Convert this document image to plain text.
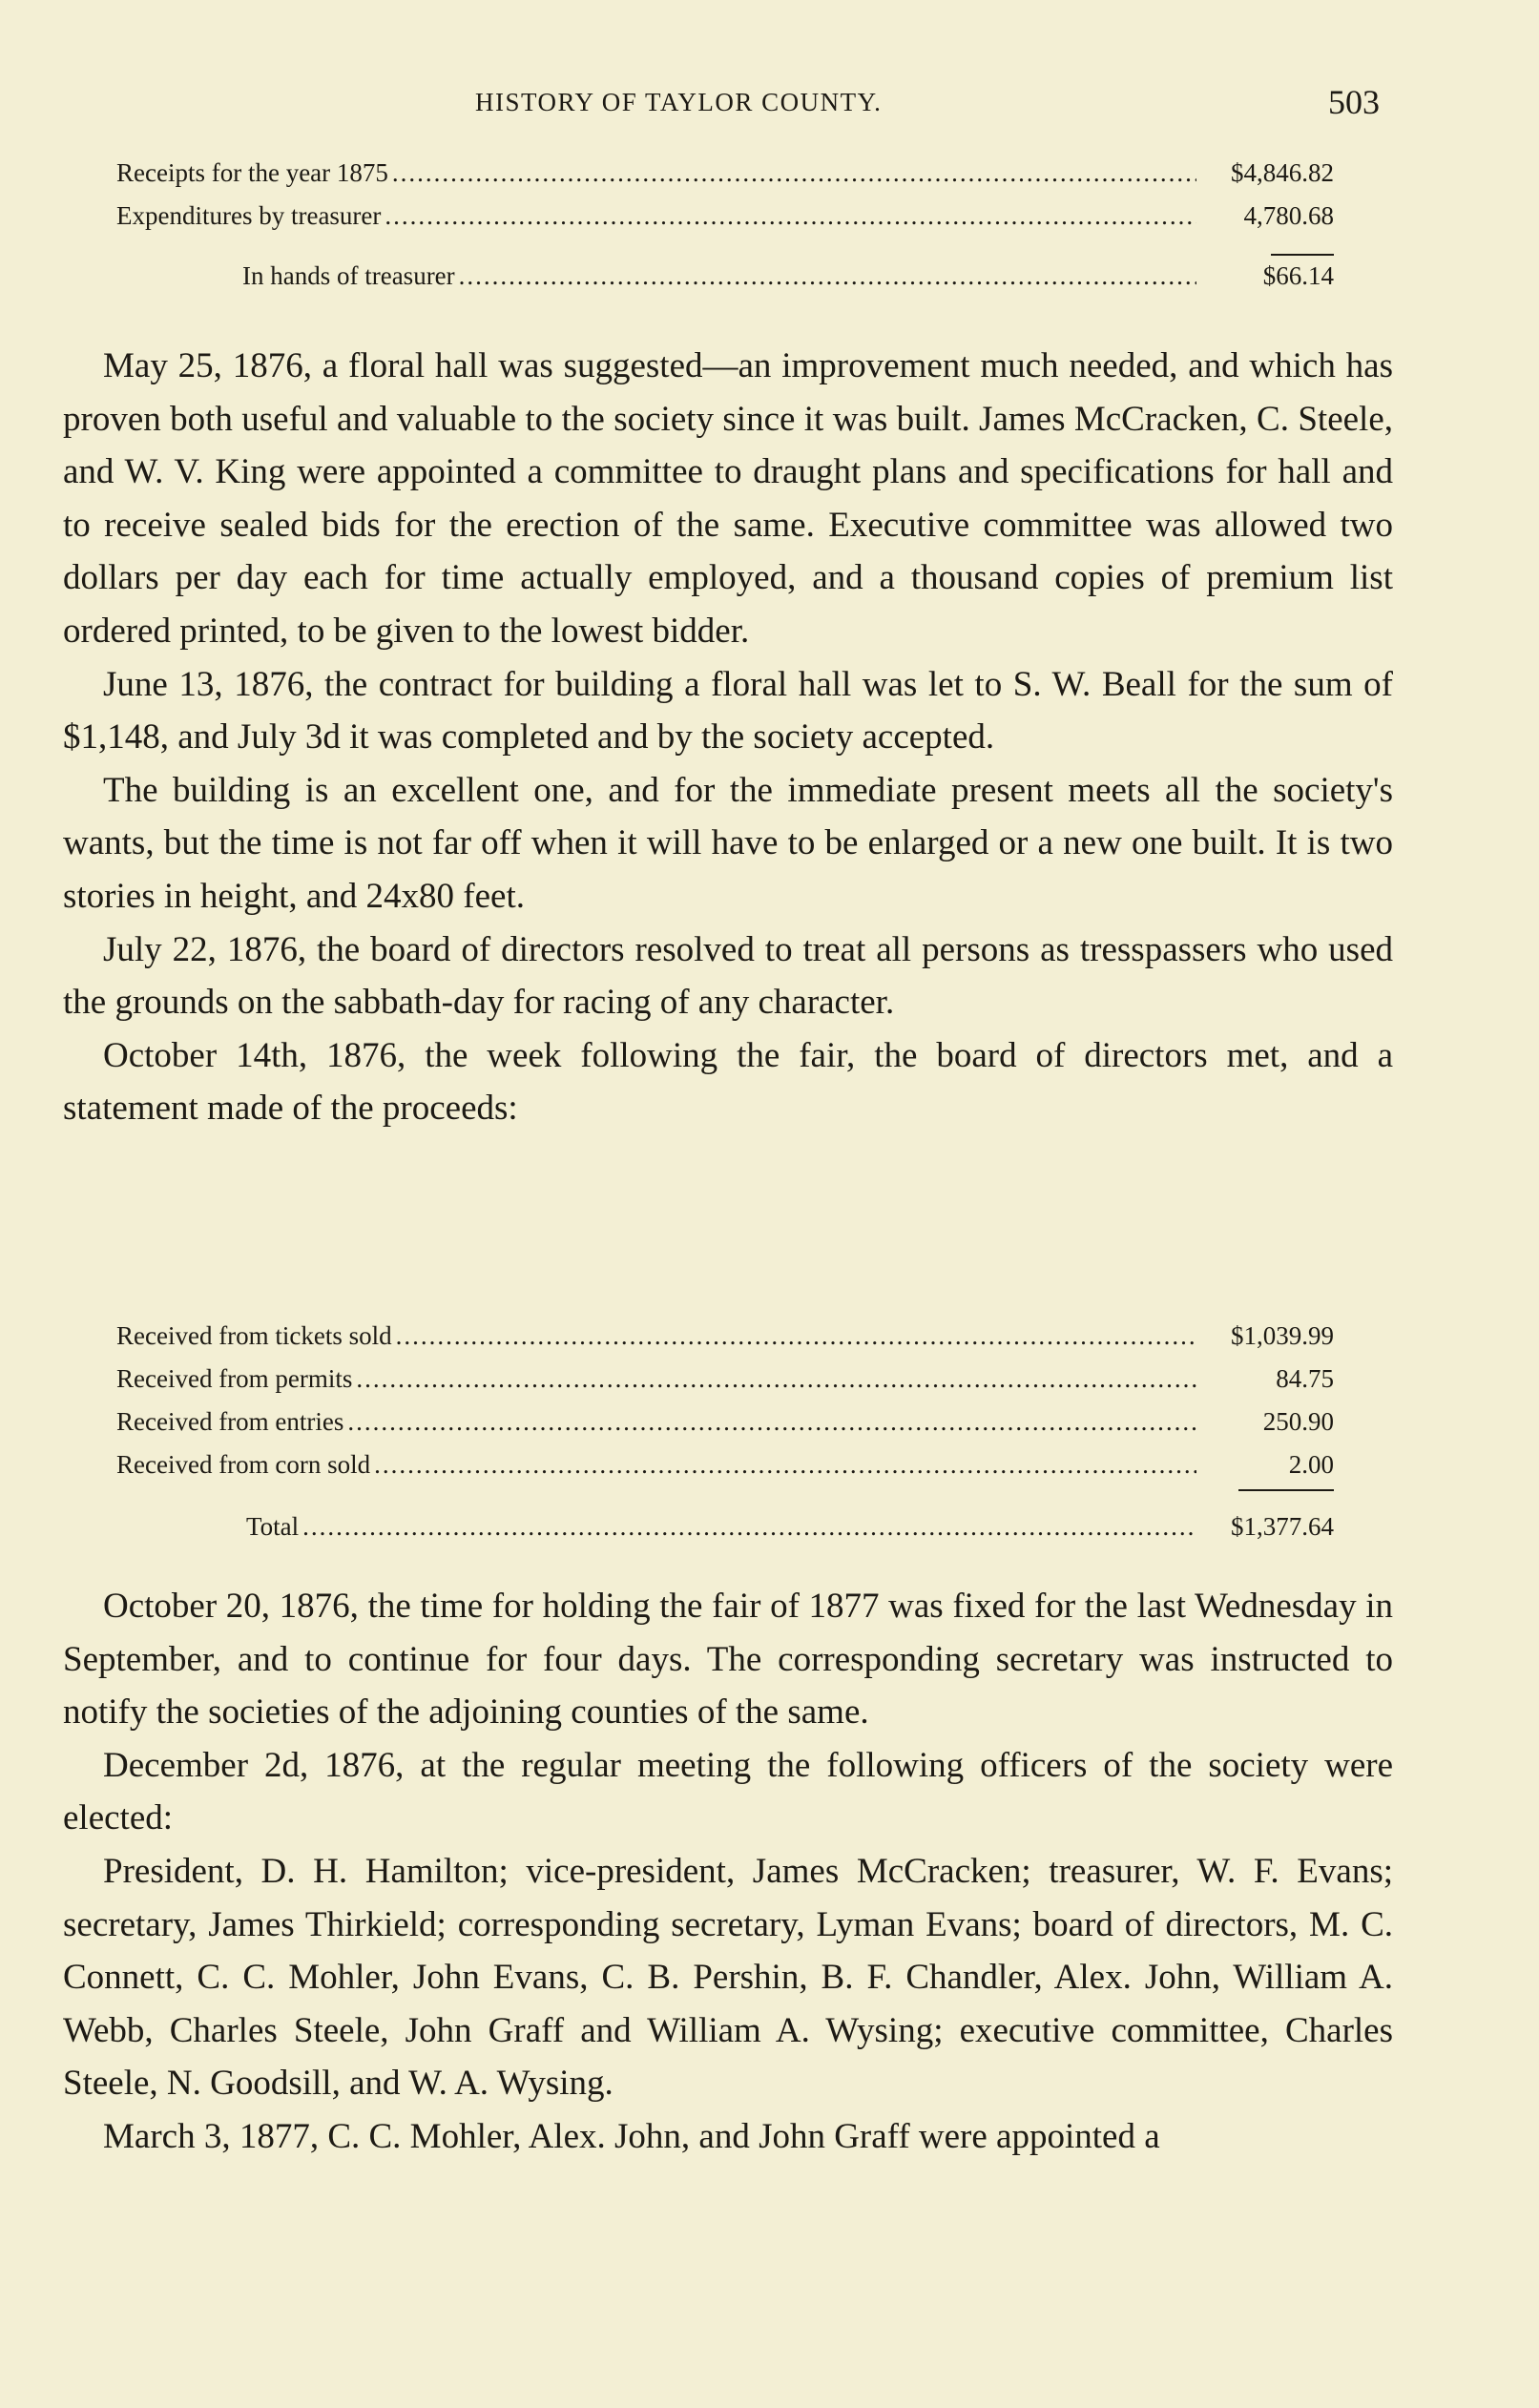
HISTORY OF TAYLOR COUNTY.	503
Receipts for the year 1875 .....	$4,846.82
Expenditures by treasurer .....	4,780.68
In hands of treasurer .....	$66.14

May 25, 1876, a floral hall was suggested—an improvement much needed, and which has proven both useful and valuable to the society since it was built. James McCracken, C. Steele, and W. V. King were appointed a committee to draught plans and specifications for hall and to receive sealed bids for the erection of the same. Executive committee was allowed two dollars per day each for time actually employed, and a thousand copies of premium list ordered printed, to be given to the lowest bidder.

June 13, 1876, the contract for building a floral hall was let to S. W. Beall for the sum of $1,148, and July 3d it was completed and by the society accepted.

The building is an excellent one, and for the immediate present meets all the society's wants, but the time is not far off when it will have to be enlarged or a new one built. It is two stories in height, and 24x80 feet.

July 22, 1876, the board of directors resolved to treat all persons as tresspassers who used the grounds on the sabbath-day for racing of any character.

October 14th, 1876, the week following the fair, the board of directors met, and a statement made of the proceeds:

Received from tickets sold .....	$1,039.99
Received from permits .....	84.75
Received from entries .....	250.90
Received from corn sold .....	2.00
Total .....	$1,377.64

October 20, 1876, the time for holding the fair of 1877 was fixed for the last Wednesday in September, and to continue for four days. The corresponding secretary was instructed to notify the societies of the adjoining counties of the same.

December 2d, 1876, at the regular meeting the following officers of the society were elected:

President, D. H. Hamilton; vice-president, James McCracken; treasurer, W. F. Evans; secretary, James Thirkield; corresponding secretary, Lyman Evans; board of directors, M. C. Connett, C. C. Mohler, John Evans, C. B. Pershin, B. F. Chandler, Alex. John, William A. Webb, Charles Steele, John Graff and William A. Wysing; executive committee, Charles Steele, N. Goodsill, and W. A. Wysing.

March 3, 1877, C. C. Mohler, Alex. John, and John Graff were appointed a
